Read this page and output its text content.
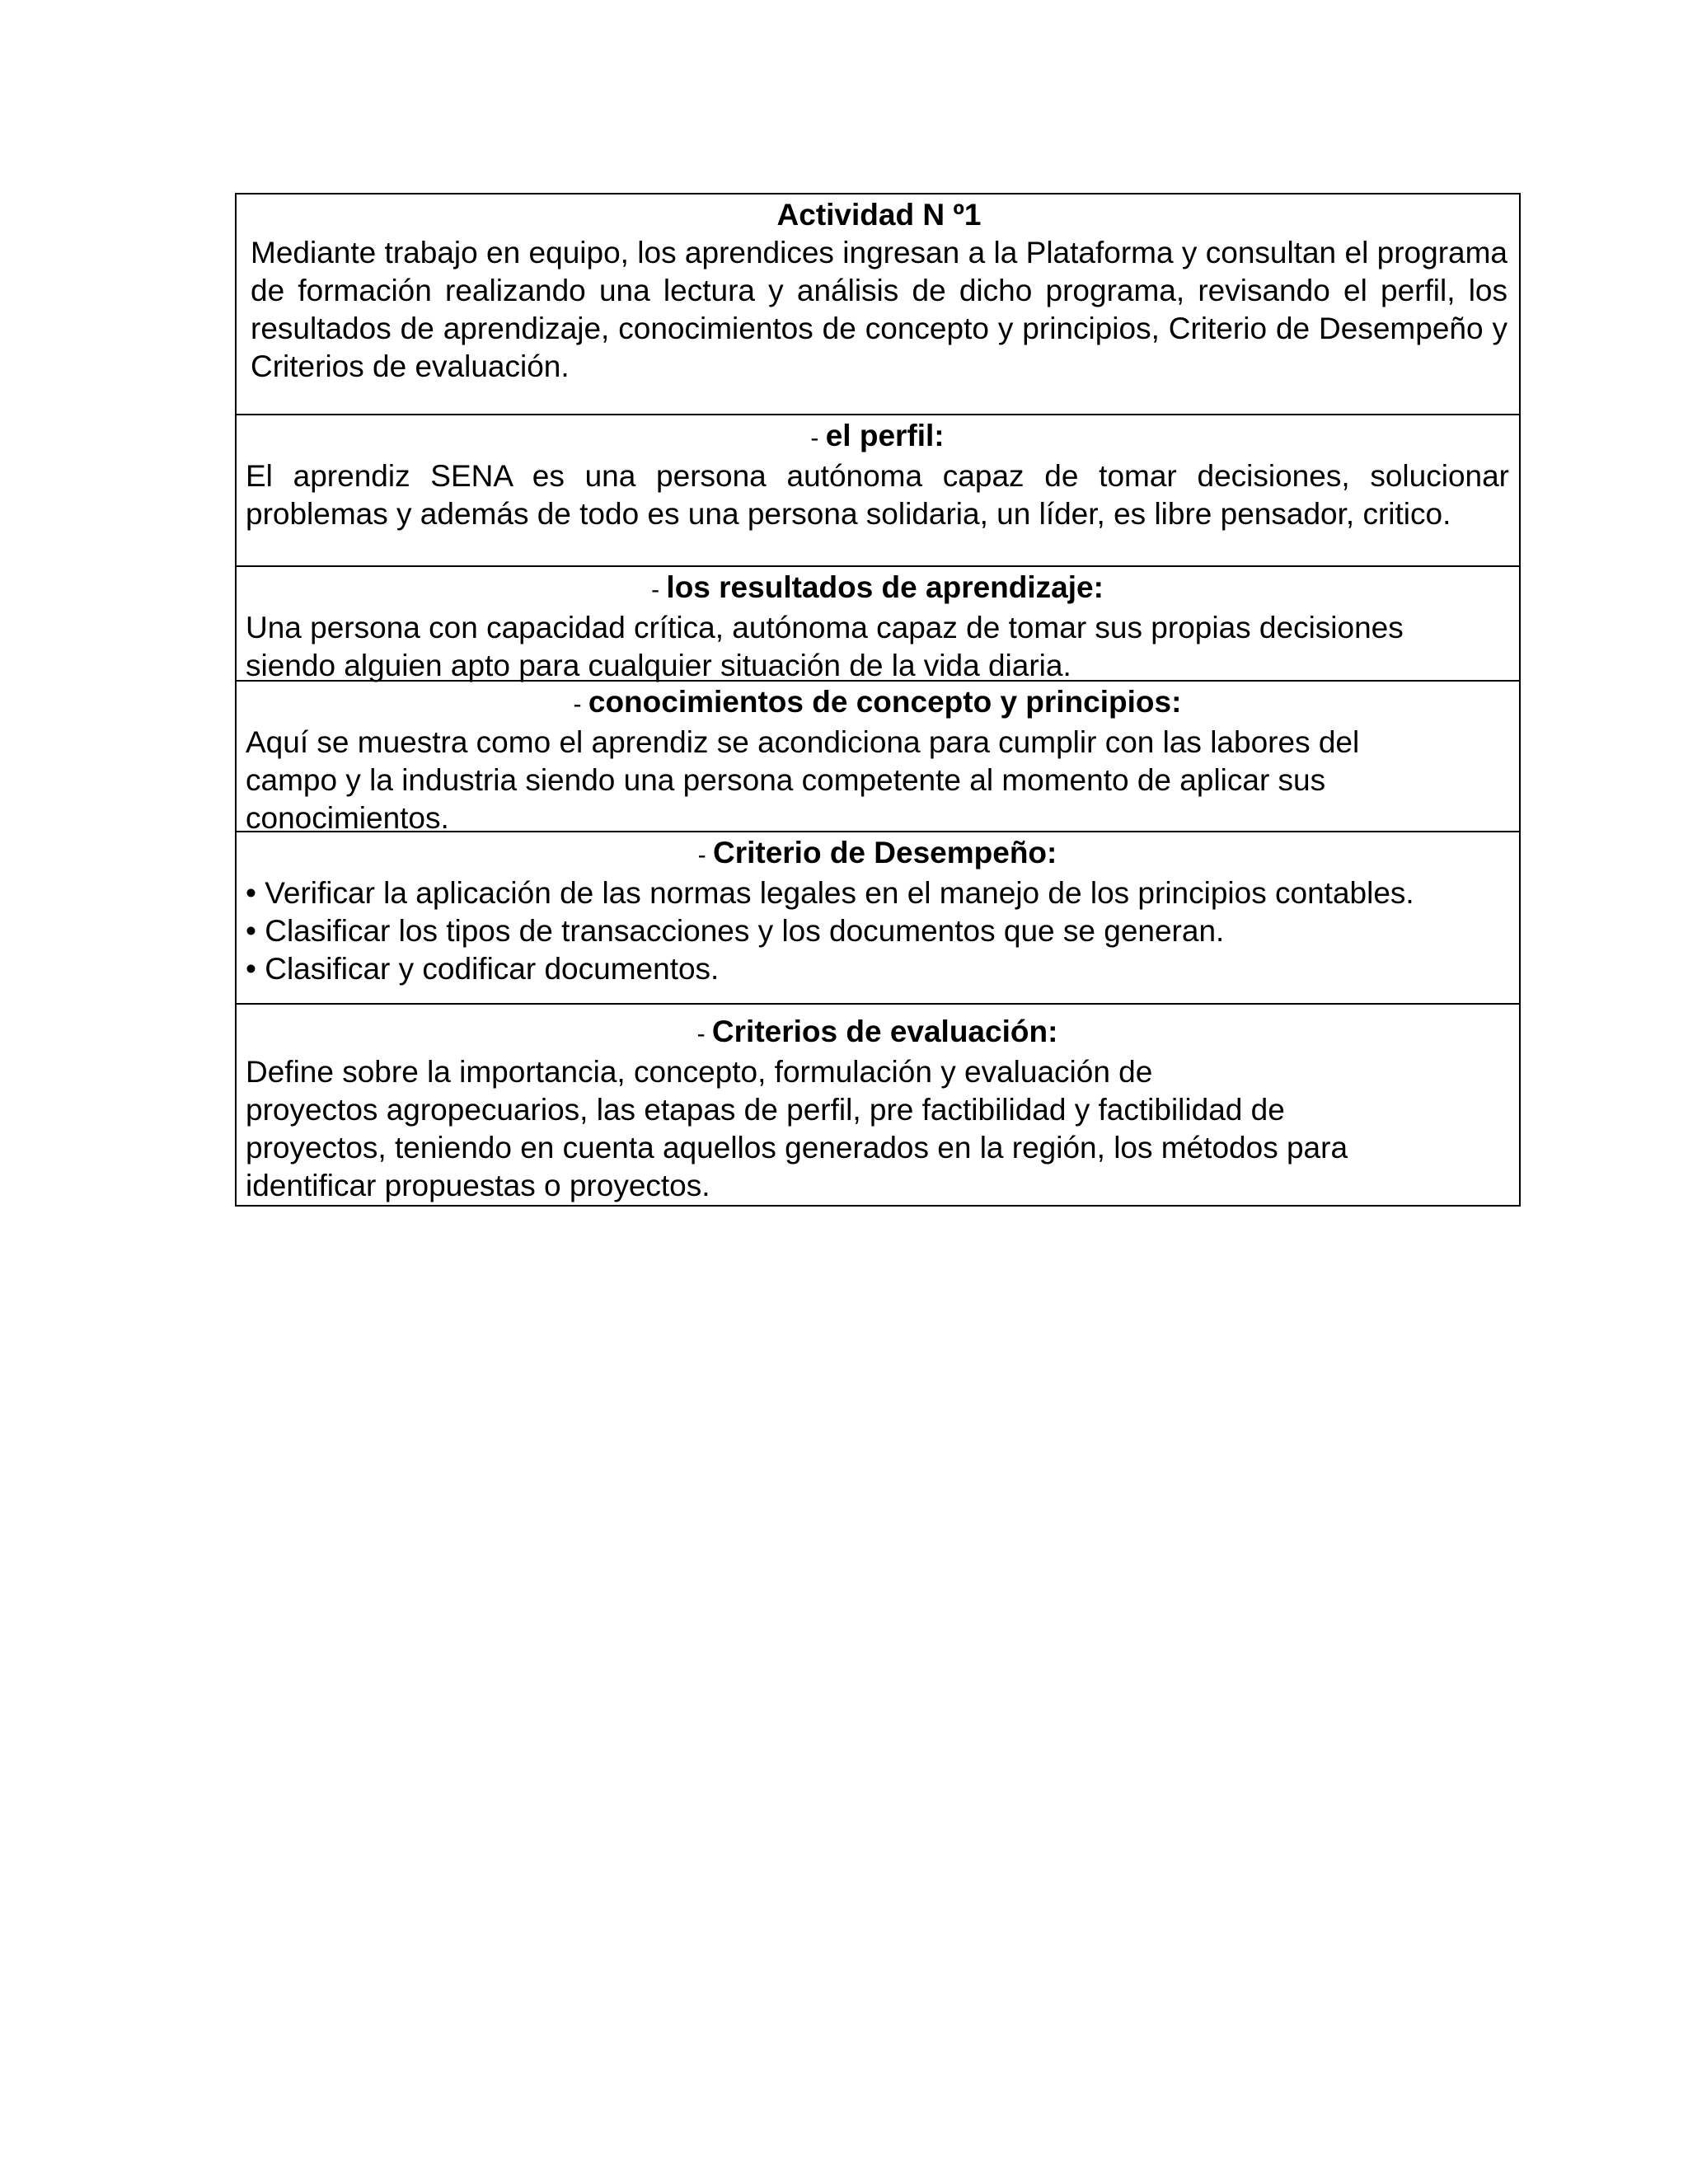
Actividad N º1
Mediante trabajo en equipo, los aprendices ingresan a la Plataforma y consultan el programa de formación realizando una lectura y análisis de dicho programa, revisando el perfil, los resultados de aprendizaje, conocimientos de concepto y principios, Criterio de Desempeño y Criterios de evaluación.
- el perfil:
El aprendiz SENA es una persona autónoma capaz de tomar decisiones, solucionar problemas y además de todo es una persona solidaria, un líder, es libre pensador, critico.
- los resultados de aprendizaje:
Una persona con capacidad crítica, autónoma capaz de tomar sus propias decisiones
siendo alguien apto para cualquier situación de la vida diaria.
- conocimientos de concepto y principios:
Aquí se muestra como el aprendiz se acondiciona para cumplir con las labores del
campo y la industria siendo una persona competente al momento de aplicar sus
conocimientos.
- Criterio de Desempeño:
• Verificar la aplicación de las normas legales en el manejo de los principios contables.
• Clasificar los tipos de transacciones y los documentos que se generan.
• Clasificar y codificar documentos.
- Criterios de evaluación:
Define sobre la importancia, concepto, formulación y evaluación de
proyectos agropecuarios, las etapas de perfil, pre factibilidad y factibilidad de
proyectos, teniendo en cuenta aquellos generados en la región, los métodos para
identificar propuestas o proyectos.
